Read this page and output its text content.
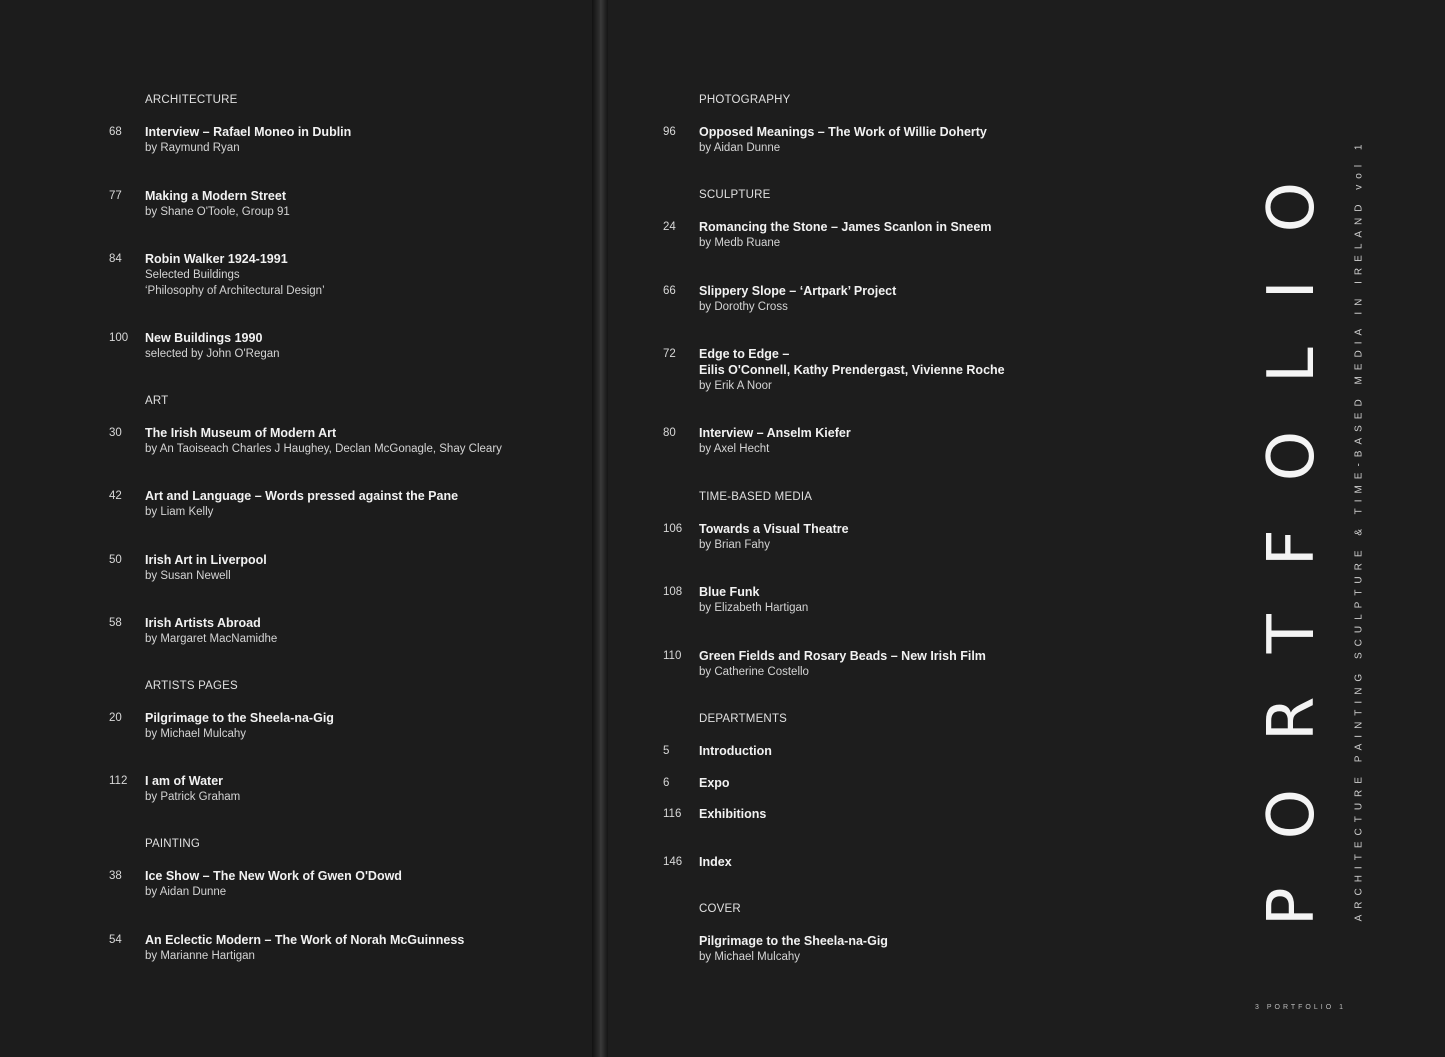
ARCHITECTURE
68 Interview – Rafael Moneo in Dublin
by Raymund Ryan
77 Making a Modern Street
by Shane O'Toole, Group 91
84 Robin Walker 1924-1991
Selected Buildings
‘Philosophy of Architectural Design’
100 New Buildings 1990
selected by John O'Regan
ART
30 The Irish Museum of Modern Art
by An Taoiseach Charles J Haughey, Declan McGonagle, Shay Cleary
42 Art and Language – Words pressed against the Pane
by Liam Kelly
50 Irish Art in Liverpool
by Susan Newell
58 Irish Artists Abroad
by Margaret MacNamidhe
ARTISTS PAGES
20 Pilgrimage to the Sheela-na-Gig
by Michael Mulcahy
112 I am of Water
by Patrick Graham
PAINTING
38 Ice Show – The New Work of Gwen O'Dowd
by Aidan Dunne
54 An Eclectic Modern – The Work of Norah McGuinness
by Marianne Hartigan
PHOTOGRAPHY
96 Opposed Meanings – The Work of Willie Doherty
by Aidan Dunne
SCULPTURE
24 Romancing the Stone – James Scanlon in Sneem
by Medb Ruane
66 Slippery Slope – ‘Artpark’ Project
by Dorothy Cross
72 Edge to Edge –
Eilis O'Connell, Kathy Prendergast, Vivienne Roche
by Erik A Noor
80 Interview – Anselm Kiefer
by Axel Hecht
TIME-BASED MEDIA
106 Towards a Visual Theatre
by Brian Fahy
108 Blue Funk
by Elizabeth Hartigan
110 Green Fields and Rosary Beads – New Irish Film
by Catherine Costello
DEPARTMENTS
5 Introduction
6 Expo
116 Exhibitions
146 Index
COVER
Pilgrimage to the Sheela-na-Gig
by Michael Mulcahy
PORTFOLIO ARCHITECTURE PAINTING SCULPTURE & TIME-BASED MEDIA IN IRELAND vol 1
3 PORTFOLIO 1
